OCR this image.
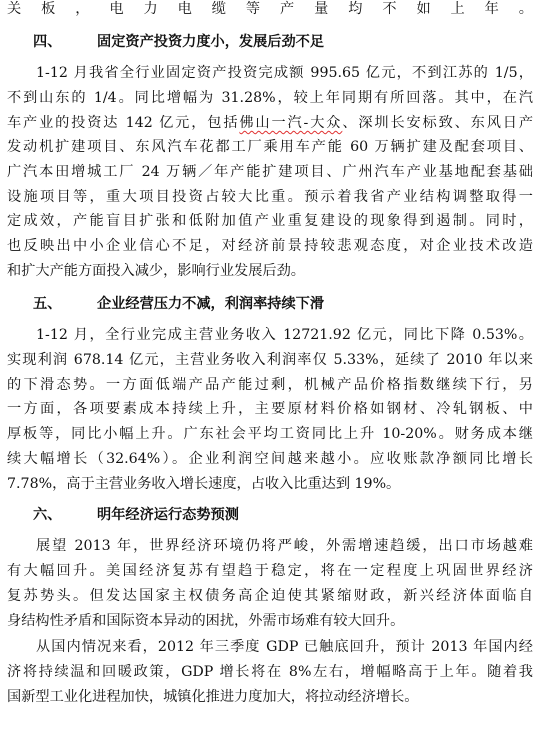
关板，电力电缆等产量均不如上年。
四、	固定资产投资力度小，发展后劲不足
1-12 月我省全行业固定资产投资完成额 995.65 亿元，不到江苏的 1/5，
不到山东的 1/4。同比增幅为 31.28%，较上年同期有所回落。其中，在汽
车产业的投资达 142 亿元，包括佛山一汽-大众、深圳长安标致、东风日产
发动机扩建项目、东风汽车花都工厂乘用车产能 60 万辆扩建及配套项目、
广汽本田增城工厂 24 万辆／年产能扩建项目、广州汽车产业基地配套基础
设施项目等，重大项目投资占较大比重。预示着我省产业结构调整取得一
定成效，产能盲目扩张和低附加值产业重复建设的现象得到遏制。同时，
也反映出中小企业信心不足，对经济前景持较悲观态度，对企业技术改造
和扩大产能方面投入减少，影响行业发展后劲。
五、	企业经营压力不减，利润率持续下滑
1-12 月，全行业完成主营业务收入 12721.92 亿元，同比下降 0.53%。
实现利润 678.14 亿元，主营业务收入利润率仅 5.33%，延续了 2010 年以来
的下滑态势。一方面低端产品产能过剩，机械产品价格指数继续下行，另
一方面，各项要素成本持续上升，主要原材料价格如钢材、冷轧钢板、中
厚板等，同比小幅上升。广东社会平均工资同比上升 10-20%。财务成本继
续大幅增长（32.64%）。企业利润空间越来越小。应收账款净额同比增长
7.78%，高于主营业务收入增长速度，占收入比重达到 19%。
六、	明年经济运行态势预测
展望 2013 年，世界经济环境仍将严峻，外需增速趋缓，出口市场越难
有大幅回升。美国经济复苏有望趋于稳定，将在一定程度上巩固世界经济
复苏势头。但发达国家主权债务高企迫使其紧缩财政，新兴经济体面临自
身结构性矛盾和国际资本异动的困扰，外需市场难有较大回升。
从国内情况来看，2012 年三季度 GDP 已触底回升，预计 2013 年国内经
济将持续温和回暖政策，GDP 增长将在 8%左右，增幅略高于上年。随着我
国新型工业化进程加快，城镇化推进力度加大，将拉动经济增长。
